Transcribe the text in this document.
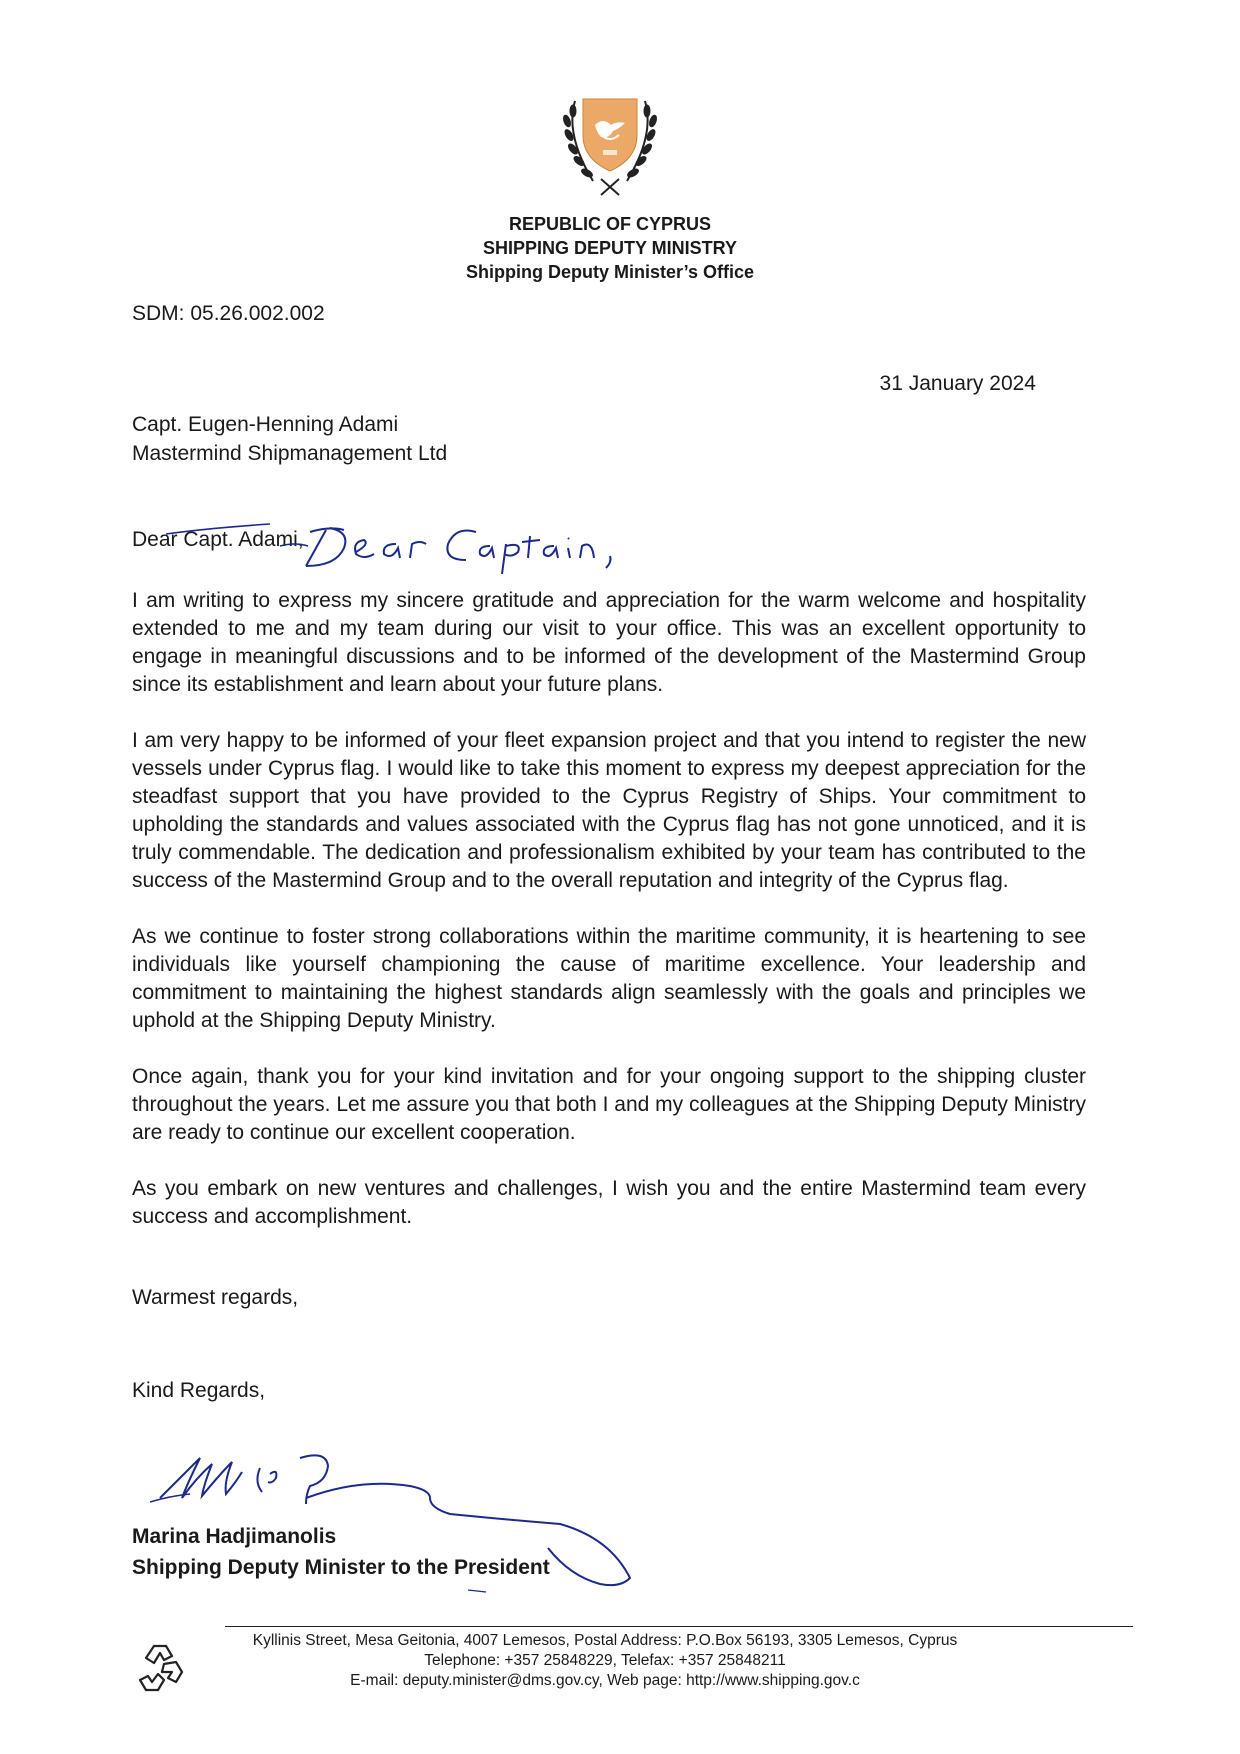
REPUBLIC OF CYPRUS
SHIPPING DEPUTY MINISTRY
Shipping Deputy Minister’s Office
SDM: 05.26.002.002
31 January 2024
Capt. Eugen-Henning Adami
Mastermind Shipmanagement Ltd
Dear Capt. Adami,

I am writing to express my sincere gratitude and appreciation for the warm welcome and hospitality extended to me and my team during our visit to your office. This was an excellent opportunity to engage in meaningful discussions and to be informed of the development of the Mastermind Group since its establishment and learn about your future plans.

I am very happy to be informed of your fleet expansion project and that you intend to register the new vessels under Cyprus flag. I would like to take this moment to express my deepest appreciation for the steadfast support that you have provided to the Cyprus Registry of Ships. Your commitment to upholding the standards and values associated with the Cyprus flag has not gone unnoticed, and it is truly commendable. The dedication and professionalism exhibited by your team has contributed to the success of the Mastermind Group and to the overall reputation and integrity of the Cyprus flag.

As we continue to foster strong collaborations within the maritime community, it is heartening to see individuals like yourself championing the cause of maritime excellence. Your leadership and commitment to maintaining the highest standards align seamlessly with the goals and principles we uphold at the Shipping Deputy Ministry.

Once again, thank you for your kind invitation and for your ongoing support to the shipping cluster throughout the years. Let me assure you that both I and my colleagues at the Shipping Deputy Ministry are ready to continue our excellent cooperation.

As you embark on new ventures and challenges, I wish you and the entire Mastermind team every success and accomplishment.

Warmest regards,
Kind Regards,
Marina Hadjimanolis
Shipping Deputy Minister to the President
Kyllinis Street, Mesa Geitonia, 4007 Lemesos, Postal Address: P.O.Box 56193, 3305 Lemesos, Cyprus
Telephone: +357 25848229, Telefax: +357 25848211
E-mail: deputy.minister@dms.gov.cy, Web page: http://www.shipping.gov.c
